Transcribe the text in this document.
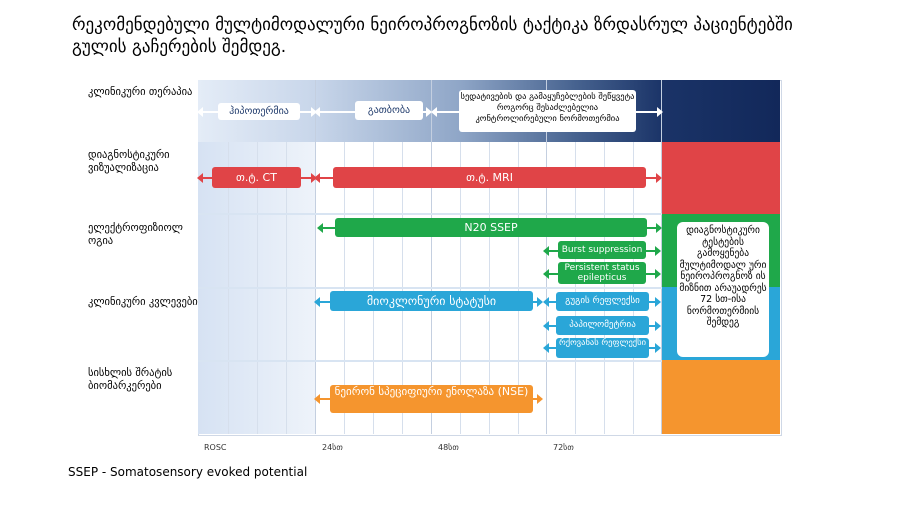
რეკომენდებული მულტიმოდალური ნეიროპროგნოზის ტაქტიკა ზრდასრულ პაციენტებში გულის გაჩერების შემდეგ.
კლინიკური თერაპია
დიაგნოსტიკური ვიზუალიზაცია
ელექტროფიზიოლ ოგია
კლინიკური კვლევები
სისხლის შრატის ბიომარკერები
დიაგნოსტიკური ტესტების გამოყენება მულტიმოდალ ური ნეიროპროგნოზ ის მიზნით არაუადრეს 72 სთ-ისა ნორმოთერმიის შემდეგ
ჰიპოთერმია	გათბობა
სედატივების და გამაყუჩებლების შეწყვეტა როგორც შესაძლებელია კონტროლირებული ნორმოთერმია
თ.ტ. CT	თ.ტ. MRI
N20 SSEP
Burst suppression
Persistent status epilepticus
მიოკლონური სტატუსი	გუგის რეფლექსი
პაპილომეტრია
რქოვანას რეფლექსი
ნეირონ სპეციფიური ენოლაზა (NSE)
ROSC	24სთ	48სთ	72სთ
SSEP - Somatosensory evoked potential
